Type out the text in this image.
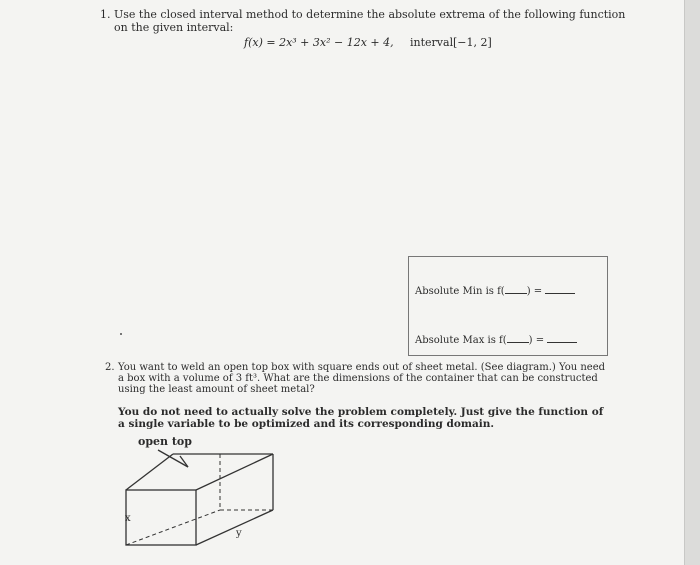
1. Use the closed interval method to determine the absolute extrema of the following function on the given interval:
f(x) = 2x³ + 3x² − 12x + 4, interval [−1, 2]
Absolute Min is f( ) =
Absolute Max is f( ) =
2. You want to weld an open top box with square ends out of sheet metal. (See diagram.) You need a box with a volume of 3 ft³. What are the dimensions of the container that can be constructed using the least amount of sheet metal?
You do not need to actually solve the problem completely. Just give the function of a single variable to be optimized and its corresponding domain.
open top
x
y
